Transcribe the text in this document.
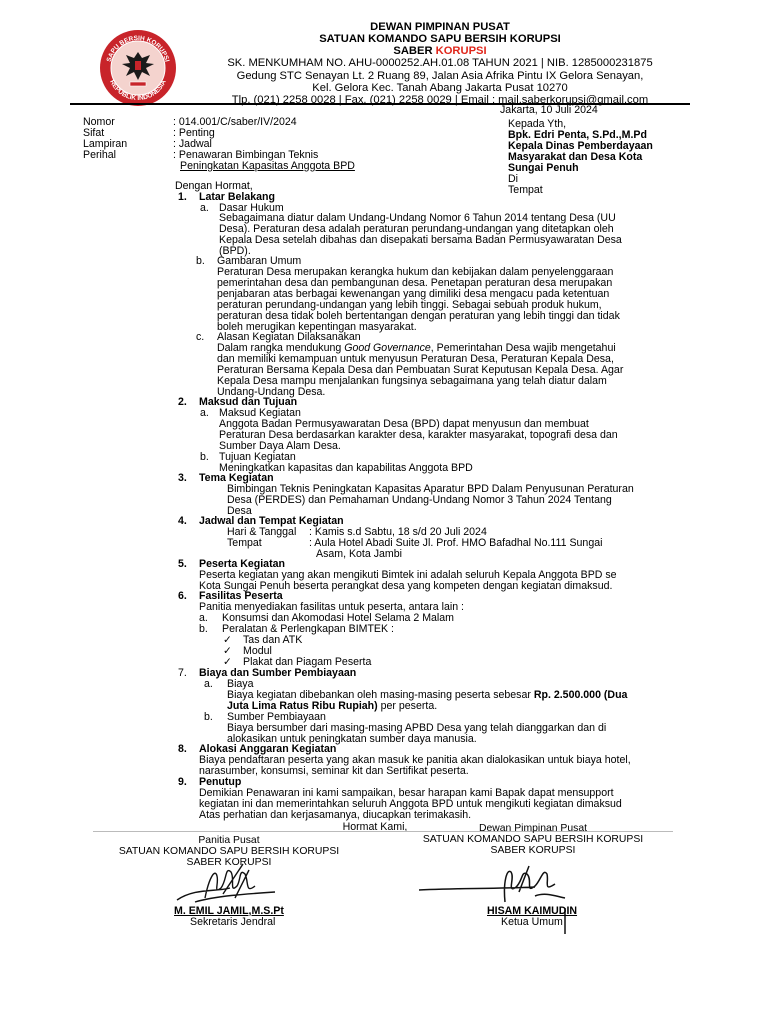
SAPU BERSIH KORUPSI
REPUBLIK INDONESIA
DEWAN PIMPINAN PUSAT
SATUAN KOMANDO SAPU BERSIH KORUPSI
SABER KORUPSI
SK. MENKUMHAM NO. AHU-0000252.AH.01.08 TAHUN 2021 | NIB. 1285000231875
Gedung STC Senayan Lt. 2 Ruang 89, Jalan Asia Afrika Pintu IX Gelora Senayan,
Kel. Gelora Kec. Tanah Abang Jakarta Pusat 10270
Tlp. (021) 2258 0028 | Fax. (021) 2258 0029 | Email : mail.saberkorupsi@gmail.com
Jakarta, 10 Juli 2024
Nomor	: 014.001/C/saber/IV/2024
Sifat	: Penting
Lampiran	: Jadwal
Perihal	: Penawaran Bimbingan Teknis
Peningkatan Kapasitas Anggota BPD
Kepada Yth,
Bpk. Edri Penta, S.Pd.,M.Pd
Kepala Dinas Pemberdayaan
Masyarakat dan Desa Kota
Sungai Penuh
Di
Tempat
Dengan Hormat,
1. Latar Belakang
a. Dasar Hukum
Sebagaimana diatur dalam Undang-Undang Nomor 6 Tahun 2014 tentang Desa (UU
Desa). Peraturan desa adalah peraturan perundang-undangan yang ditetapkan oleh
Kepala Desa setelah dibahas dan disepakati bersama Badan Permusyawaratan Desa
(BPD).
b. Gambaran Umum
Peraturan Desa merupakan kerangka hukum dan kebijakan dalam penyelenggaraan
pemerintahan desa dan pembangunan desa. Penetapan peraturan desa merupakan
penjabaran atas berbagai kewenangan yang dimiliki desa mengacu pada ketentuan
peraturan perundang-undangan yang lebih tinggi. Sebagai sebuah produk hukum,
peraturan desa tidak boleh bertentangan dengan peraturan yang lebih tinggi dan tidak
boleh merugikan kepentingan masyarakat.
c. Alasan Kegiatan Dilaksanakan
Dalam rangka mendukung Good Governance, Pemerintahan Desa wajib mengetahui
dan memiliki kemampuan untuk menyusun Peraturan Desa, Peraturan Kepala Desa,
Peraturan Bersama Kepala Desa dan Pembuatan Surat Keputusan Kepala Desa. Agar
Kepala Desa mampu menjalankan fungsinya sebagaimana yang telah diatur dalam
Undang-Undang Desa.
2. Maksud dan Tujuan
a. Maksud Kegiatan
Anggota Badan Permusyawaratan Desa (BPD) dapat menyusun dan membuat
Peraturan Desa berdasarkan karakter desa, karakter masyarakat, topografi desa dan
Sumber Daya Alam Desa.
b. Tujuan Kegiatan
Meningkatkan kapasitas dan kapabilitas Anggota BPD
3. Tema Kegiatan
Bimbingan Teknis Peningkatan Kapasitas Aparatur BPD Dalam Penyusunan Peraturan
Desa (PERDES) dan Pemahaman Undang-Undang Nomor 3 Tahun 2024 Tentang
Desa
4. Jadwal dan Tempat Kegiatan
Hari & Tanggal : Kamis s.d Sabtu, 18 s/d 20 Juli 2024
Tempat	: Aula Hotel Abadi Suite Jl. Prof. HMO Bafadhal No.111 Sungai
Asam, Kota Jambi
5. Peserta Kegiatan
Peserta kegiatan yang akan mengikuti Bimtek ini adalah seluruh Kepala Anggota BPD se
Kota Sungai Penuh beserta perangkat desa yang kompeten dengan kegiatan dimaksud.
6. Fasilitas Peserta
Panitia menyediakan fasilitas untuk peserta, antara lain :
a. Konsumsi dan Akomodasi Hotel Selama 2 Malam
b. Peralatan & Perlengkapan BIMTEK :
✓ Tas dan ATK
✓ Modul
✓ Plakat dan Piagam Peserta
7. Biaya dan Sumber Pembiayaan
a. Biaya
Biaya kegiatan dibebankan oleh masing-masing peserta sebesar Rp. 2.500.000 (Dua
Juta Lima Ratus Ribu Rupiah) per peserta.
b. Sumber Pembiayaan
Biaya bersumber dari masing-masing APBD Desa yang telah dianggarkan dan di
alokasikan untuk peningkatan sumber daya manusia.
8. Alokasi Anggaran Kegiatan
Biaya pendaftaran peserta yang akan masuk ke panitia akan dialokasikan untuk biaya hotel,
narasumber, konsumsi, seminar kit dan Sertifikat peserta.
9. Penutup
Demikian Penawaran ini kami sampaikan, besar harapan kami Bapak dapat mensupport
kegiatan ini dan memerintahkan seluruh Anggota BPD untuk mengikuti kegiatan dimaksud
Atas perhatian dan kerjasamanya, diucapkan terimakasih.
Hormat Kami,
Panitia Pusat
SATUAN KOMANDO SAPU BERSIH KORUPSI
SABER KORUPSI
M. EMIL JAMIL,M.S.Pt
Sekretaris Jendral
Dewan Pimpinan Pusat
SATUAN KOMANDO SAPU BERSIH KORUPSI
SABER KORUPSI
HISAM KAIMUDIN
Ketua Umum
